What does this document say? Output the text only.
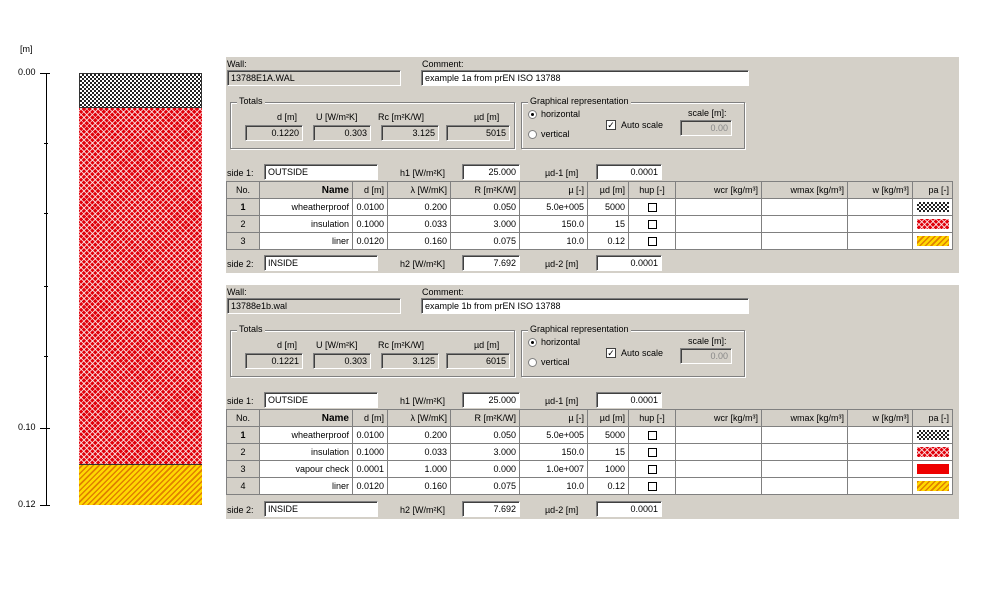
[m]
0.00
0.10
0.12
Wall:
13788E1A.WAL
Comment:
example 1a from prEN ISO 13788
Totals
d [m]
0.1220
U [W/m²K]
0.303
Rc [m²K/W]
3.125
µd [m]
5015
Graphical representation
horizontal
vertical
✓ Auto scale
scale [m]:
0.00
side 1:	OUTSIDE	h1 [W/m²K]	25.000	µd-1 [m]	0.0001
No.	Name	d [m]	λ [W/mK]	R [m²K/W]	µ [-]	µd [m]	hup [-]	wcr [kg/m³]	wmax [kg/m³]	w [kg/m³]	pa [-]
1	wheatherproof	0.0100	0.200	0.050	5.0e+005	5000					
2	insulation	0.1000	0.033	3.000	150.0	15					
3	liner	0.0120	0.160	0.075	10.0	0.12					
side 2:	INSIDE	h2 [W/m²K]	7.692	µd-2 [m]	0.0001
Wall:
13788e1b.wal
Comment:
example 1b from prEN ISO 13788
Totals
d [m]
0.1221
U [W/m²K]
0.303
Rc [m²K/W]
3.125
µd [m]
6015
Graphical representation
horizontal
vertical
✓ Auto scale
scale [m]:
0.00
side 1:	OUTSIDE	h1 [W/m²K]	25.000	µd-1 [m]	0.0001
No.	Name	d [m]	λ [W/mK]	R [m²K/W]	µ [-]	µd [m]	hup [-]	wcr [kg/m³]	wmax [kg/m³]	w [kg/m³]	pa [-]
1	wheatherproof	0.0100	0.200	0.050	5.0e+005	5000					
2	insulation	0.1000	0.033	3.000	150.0	15					
3	vapour check	0.0001	1.000	0.000	1.0e+007	1000					
4	liner	0.0120	0.160	0.075	10.0	0.12					
side 2:	INSIDE	h2 [W/m²K]	7.692	µd-2 [m]	0.0001
